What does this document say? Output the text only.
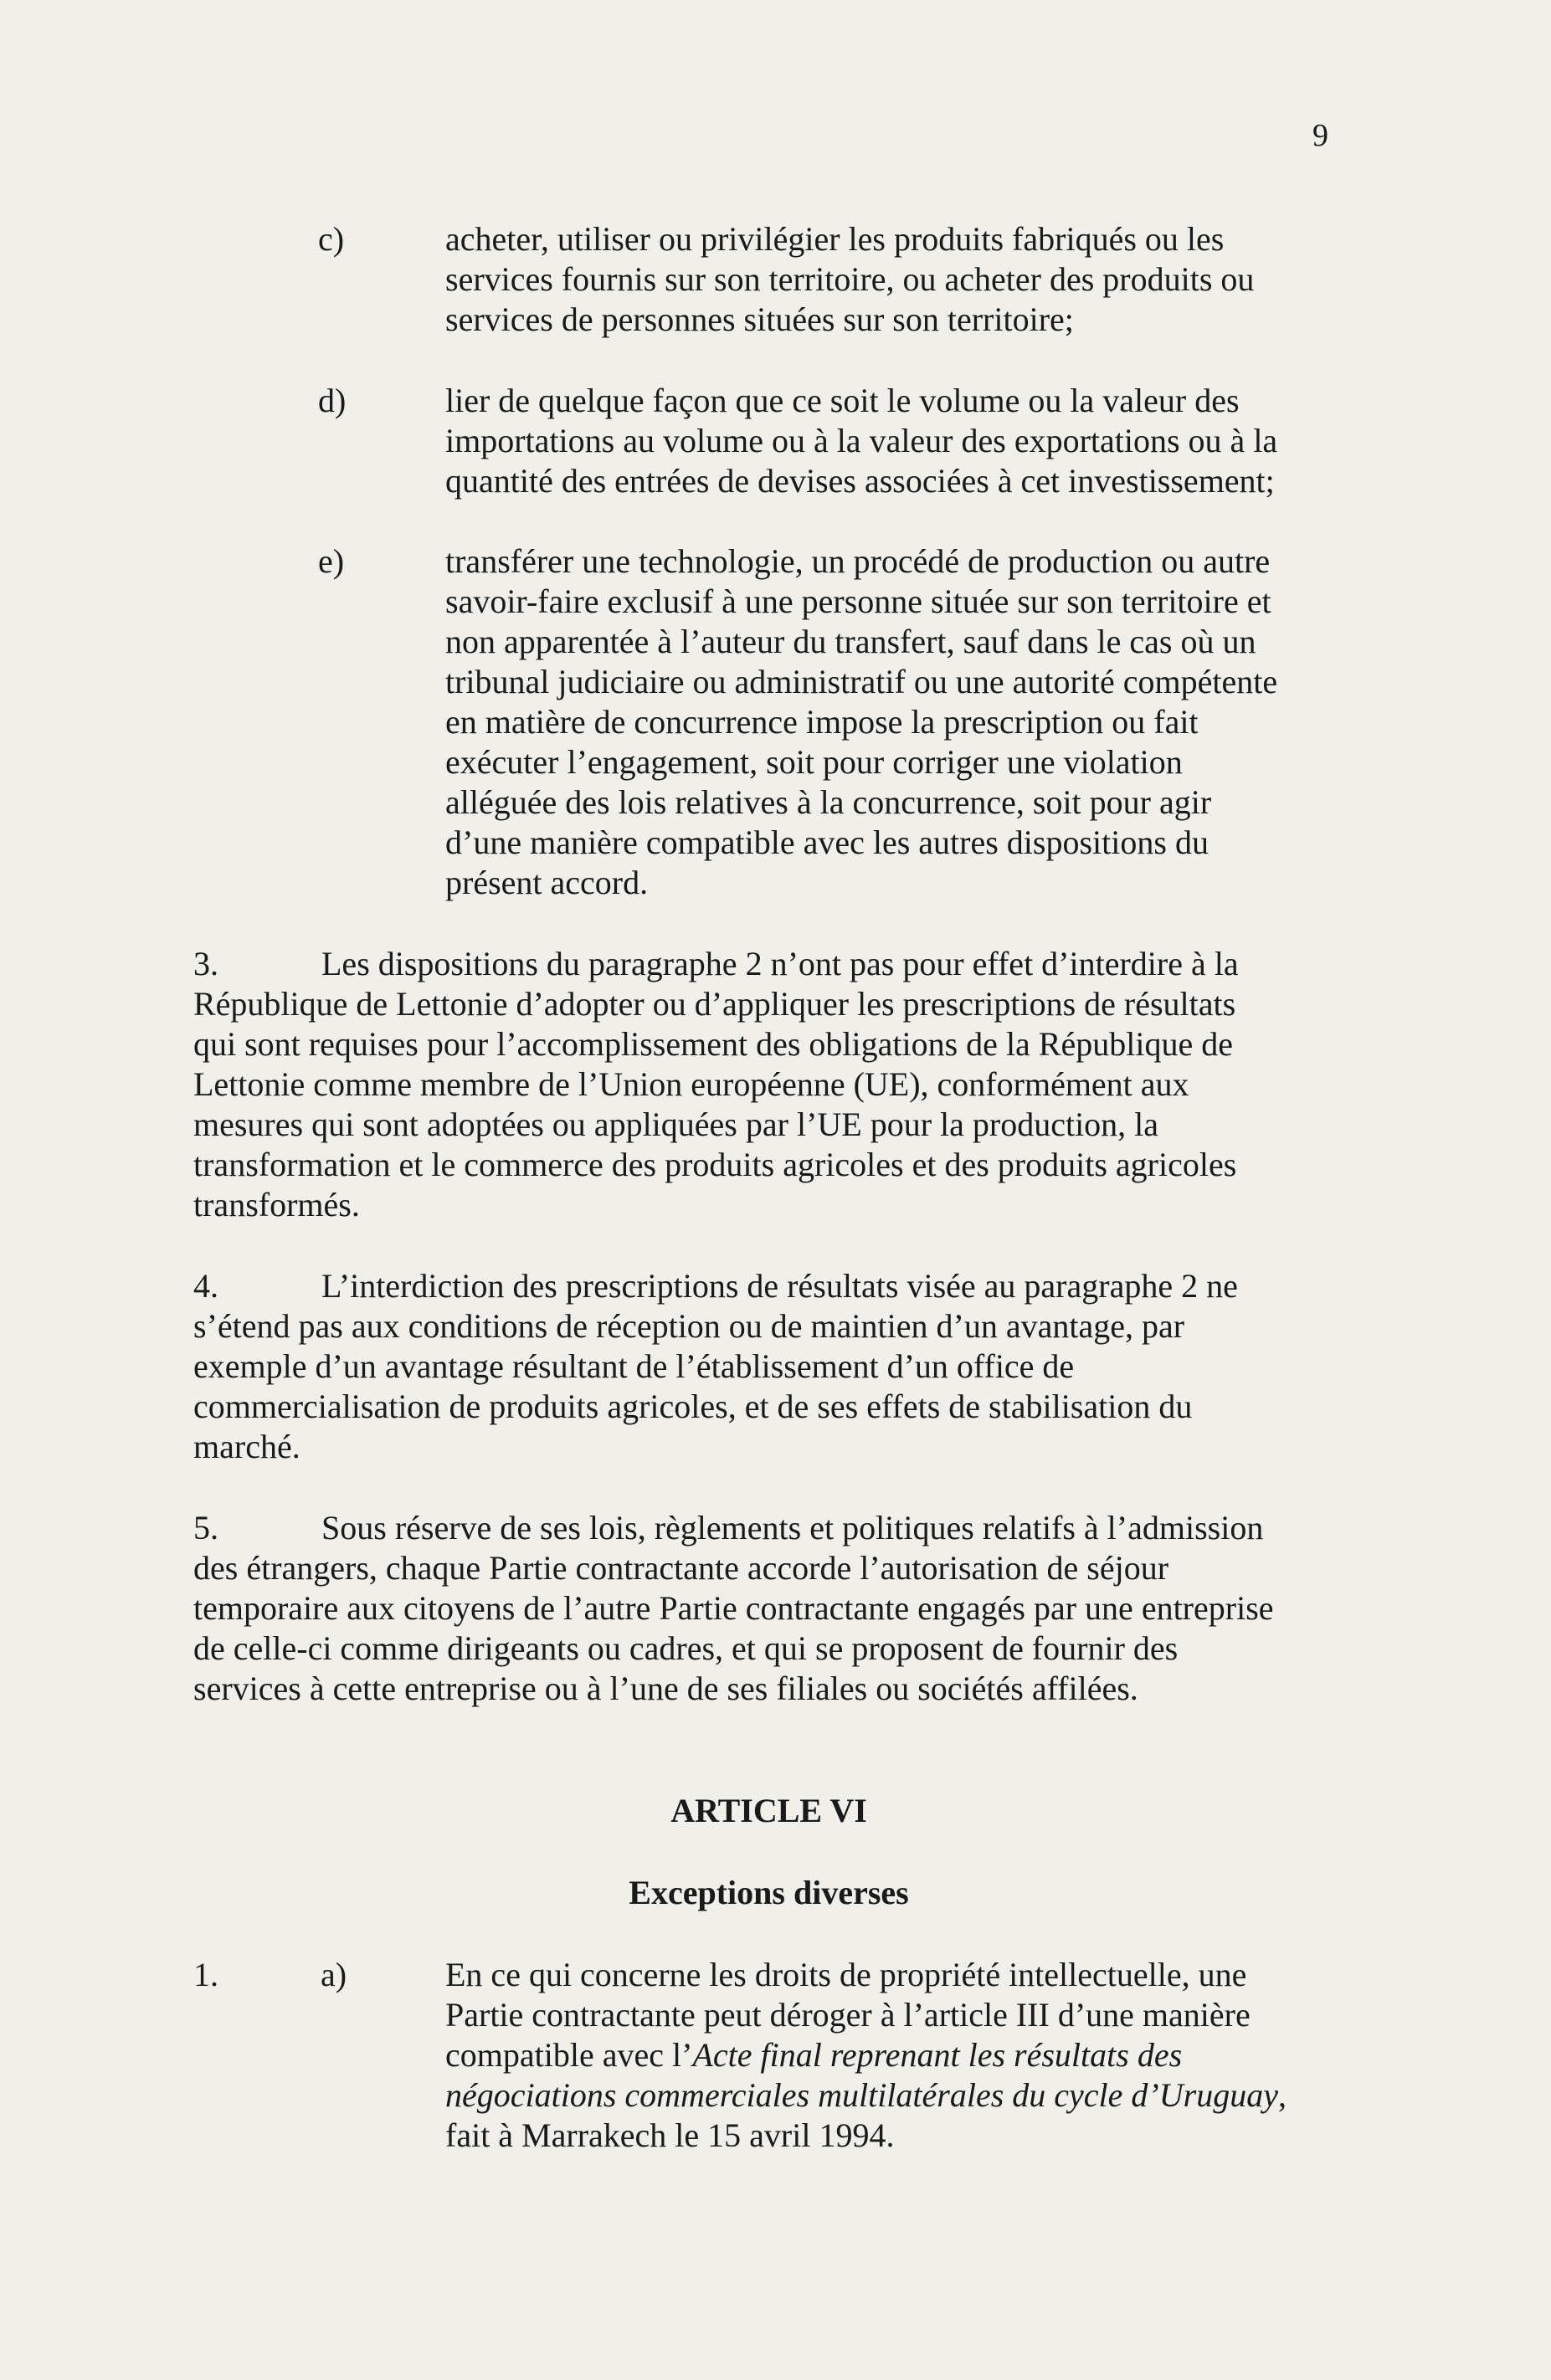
9
c)	acheter, utiliser ou privilégier les produits fabriqués ou les
services fournis sur son territoire, ou acheter des produits ou
services de personnes situées sur son territoire;

d)	lier de quelque façon que ce soit le volume ou la valeur des
importations au volume ou à la valeur des exportations ou à la
quantité des entrées de devises associées à cet investissement;

e)	transférer une technologie, un procédé de production ou autre
savoir-faire exclusif à une personne située sur son territoire et
non apparentée à l’auteur du transfert, sauf dans le cas où un
tribunal judiciaire ou administratif ou une autorité compétente
en matière de concurrence impose la prescription ou fait
exécuter l’engagement, soit pour corriger une violation
alléguée des lois relatives à la concurrence, soit pour agir
d’une manière compatible avec les autres dispositions du
présent accord.

3.	Les dispositions du paragraphe 2 n’ont pas pour effet d’interdire à la
République de Lettonie d’adopter ou d’appliquer les prescriptions de résultats
qui sont requises pour l’accomplissement des obligations de la République de
Lettonie comme membre de l’Union européenne (UE), conformément aux
mesures qui sont adoptées ou appliquées par l’UE pour la production, la
transformation et le commerce des produits agricoles et des produits agricoles
transformés.
4.	L’interdiction des prescriptions de résultats visée au paragraphe 2 ne
s’étend pas aux conditions de réception ou de maintien d’un avantage, par
exemple d’un avantage résultant de l’établissement d’un office de
commercialisation de produits agricoles, et de ses effets de stabilisation du
marché.
5.	Sous réserve de ses lois, règlements et politiques relatifs à l’admission
des étrangers, chaque Partie contractante accorde l’autorisation de séjour
temporaire aux citoyens de l’autre Partie contractante engagés par une entreprise
de celle-ci comme dirigeants ou cadres, et qui se proposent de fournir des
services à cette entreprise ou à l’une de ses filiales ou sociétés affilées.
ARTICLE VI
Exceptions diverses
1.	a)	En ce qui concerne les droits de propriété intellectuelle, une
Partie contractante peut déroger à l’article III d’une manière
compatible avec l’Acte final reprenant les résultats des
négociations commerciales multilatérales du cycle d’Uruguay,
fait à Marrakech le 15 avril 1994.
